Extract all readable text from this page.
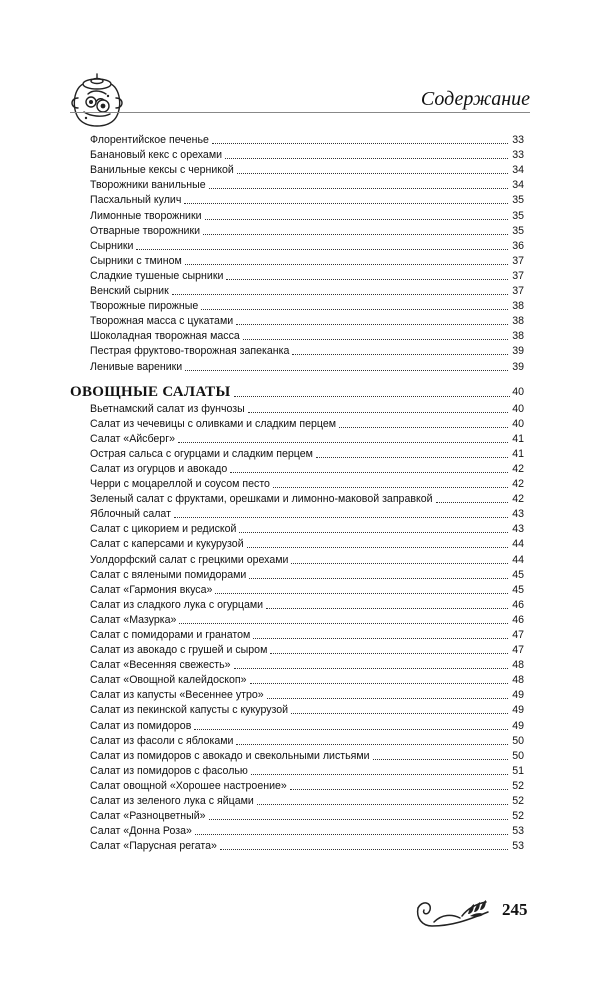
Содержание
Флорентийское печенье	33
Банановый кекс с орехами	33
Ванильные кексы с черникой	34
Творожники ванильные	34
Пасхальный кулич	35
Лимонные творожники	35
Отварные творожники	35
Сырники	36
Сырники с тмином	37
Сладкие тушеные сырники	37
Венский сырник	37
Творожные пирожные	38
Творожная масса с цукатами	38
Шоколадная творожная масса	38
Пестрая фруктово-творожная запеканка	39
Ленивые вареники	39
ОВОЩНЫЕ САЛАТЫ	40
Вьетнамский салат из фунчозы	40
Салат из чечевицы с оливками и сладким перцем	40
Салат «Айсберг»	41
Острая сальса с огурцами и сладким перцем	41
Салат из огурцов и авокадо	42
Черри с моцареллой и соусом песто	42
Зеленый салат с фруктами, орешками и лимонно-маковой заправкой	42
Яблочный салат	43
Салат с цикорием и редиской	43
Салат с каперсами и кукурузой	44
Уолдорфский салат с грецкими орехами	44
Салат с вялеными помидорами	45
Салат «Гармония вкуса»	45
Салат из сладкого лука с огурцами	46
Салат «Мазурка»	46
Салат с помидорами и гранатом	47
Салат из авокадо с грушей и сыром	47
Салат «Весенняя свежесть»	48
Салат «Овощной калейдоскоп»	48
Салат из капусты «Весеннее утро»	49
Салат из пекинской капусты с кукурузой	49
Салат из помидоров	49
Салат из фасоли с яблоками	50
Салат из помидоров с авокадо и свекольными листьями	50
Салат из помидоров с фасолью	51
Салат овощной «Хорошее настроение»	52
Салат из зеленого лука с яйцами	52
Салат «Разноцветный»	52
Салат «Донна Роза»	53
Салат «Парусная регата»	53
245
